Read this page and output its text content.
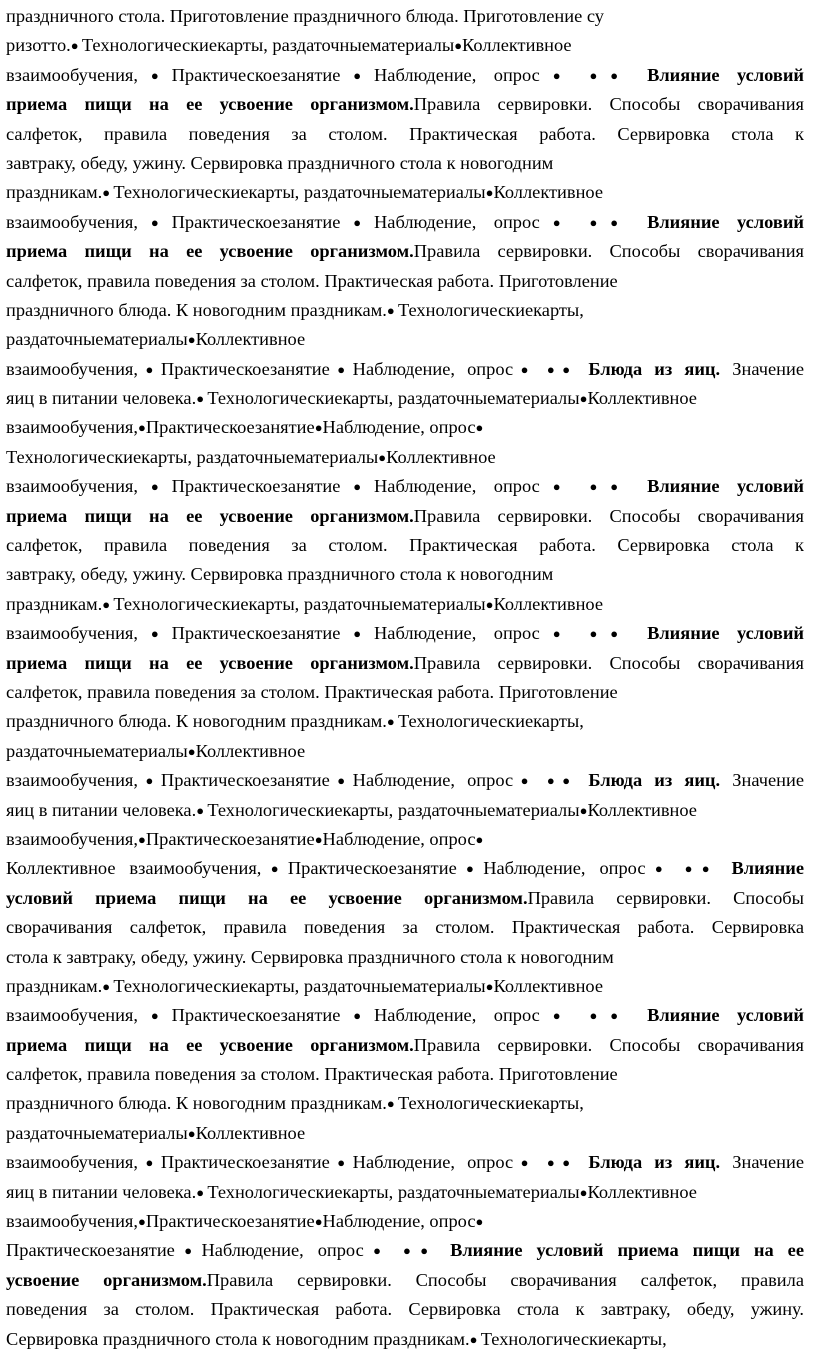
праздничного стола. Приготовление праздничного блюда. Приготовление су
ризотто.● Технологическиекарты, раздаточныематериалы●Коллективное
взаимообучения,●Практическоезанятие●Наблюдение, опрос● ●● Влияние условий
приема пищи на ее усвоение организмом.Правила сервировки. Способы сворачивания
салфеток, правила поведения за столом. Практическая работа. Сервировка стола к
завтраку, обеду, ужину. Сервировка праздничного стола к новогодним
праздникам.● Технологическиекарты, раздаточныематериалы●Коллективное
взаимообучения,●Практическоезанятие●Наблюдение, опрос● ●● Влияние условий
приема пищи на ее усвоение организмом.Правила сервировки. Способы сворачивания
салфеток, правила поведения за столом. Практическая работа. Приготовление
праздничного блюда. К новогодним праздникам.● Технологическиекарты,
раздаточныематериалы●Коллективное
взаимообучения,●Практическоезанятие●Наблюдение, опрос● ●● Блюда из яиц. Значение
яиц в питании человека.● Технологическиекарты, раздаточныематериалы●Коллективное
взаимообучения,●Практическоезанятие●Наблюдение, опрос●
Технологическиекарты, раздаточныематериалы●Коллективное
взаимообучения,●Практическоезанятие●Наблюдение, опрос● ●● Влияние условий
приема пищи на ее усвоение организмом.Правила сервировки. Способы сворачивания
салфеток, правила поведения за столом. Практическая работа. Сервировка стола к
завтраку, обеду, ужину. Сервировка праздничного стола к новогодним
праздникам.● Технологическиекарты, раздаточныематериалы●Коллективное
взаимообучения,●Практическоезанятие●Наблюдение, опрос● ●● Влияние условий
приема пищи на ее усвоение организмом.Правила сервировки. Способы сворачивания
салфеток, правила поведения за столом. Практическая работа. Приготовление
праздничного блюда. К новогодним праздникам.● Технологическиекарты,
раздаточныематериалы●Коллективное
взаимообучения,●Практическоезанятие●Наблюдение, опрос● ●● Блюда из яиц. Значение
яиц в питании человека.● Технологическиекарты, раздаточныематериалы●Коллективное
взаимообучения,●Практическоезанятие●Наблюдение, опрос●
Коллективное взаимообучения,●Практическоезанятие●Наблюдение, опрос● ●● Влияние
условий приема пищи на ее усвоение организмом.Правила сервировки. Способы
сворачивания салфеток, правила поведения за столом. Практическая работа. Сервировка
стола к завтраку, обеду, ужину. Сервировка праздничного стола к новогодним
праздникам.● Технологическиекарты, раздаточныематериалы●Коллективное
взаимообучения,●Практическоезанятие●Наблюдение, опрос● ●● Влияние условий
приема пищи на ее усвоение организмом.Правила сервировки. Способы сворачивания
салфеток, правила поведения за столом. Практическая работа. Приготовление
праздничного блюда. К новогодним праздникам.● Технологическиекарты,
раздаточныематериалы●Коллективное
взаимообучения,●Практическоезанятие●Наблюдение, опрос● ●● Блюда из яиц. Значение
яиц в питании человека.● Технологическиекарты, раздаточныематериалы●Коллективное
взаимообучения,●Практическоезанятие●Наблюдение, опрос●
Практическоезанятие●Наблюдение, опрос● ●● Влияние условий приема пищи на ее
усвоение организмом.Правила сервировки. Способы сворачивания салфеток, правила
поведения за столом. Практическая работа. Сервировка стола к завтраку, обеду, ужину.
Сервировка праздничного стола к новогодним праздникам.● Технологическиекарты,
